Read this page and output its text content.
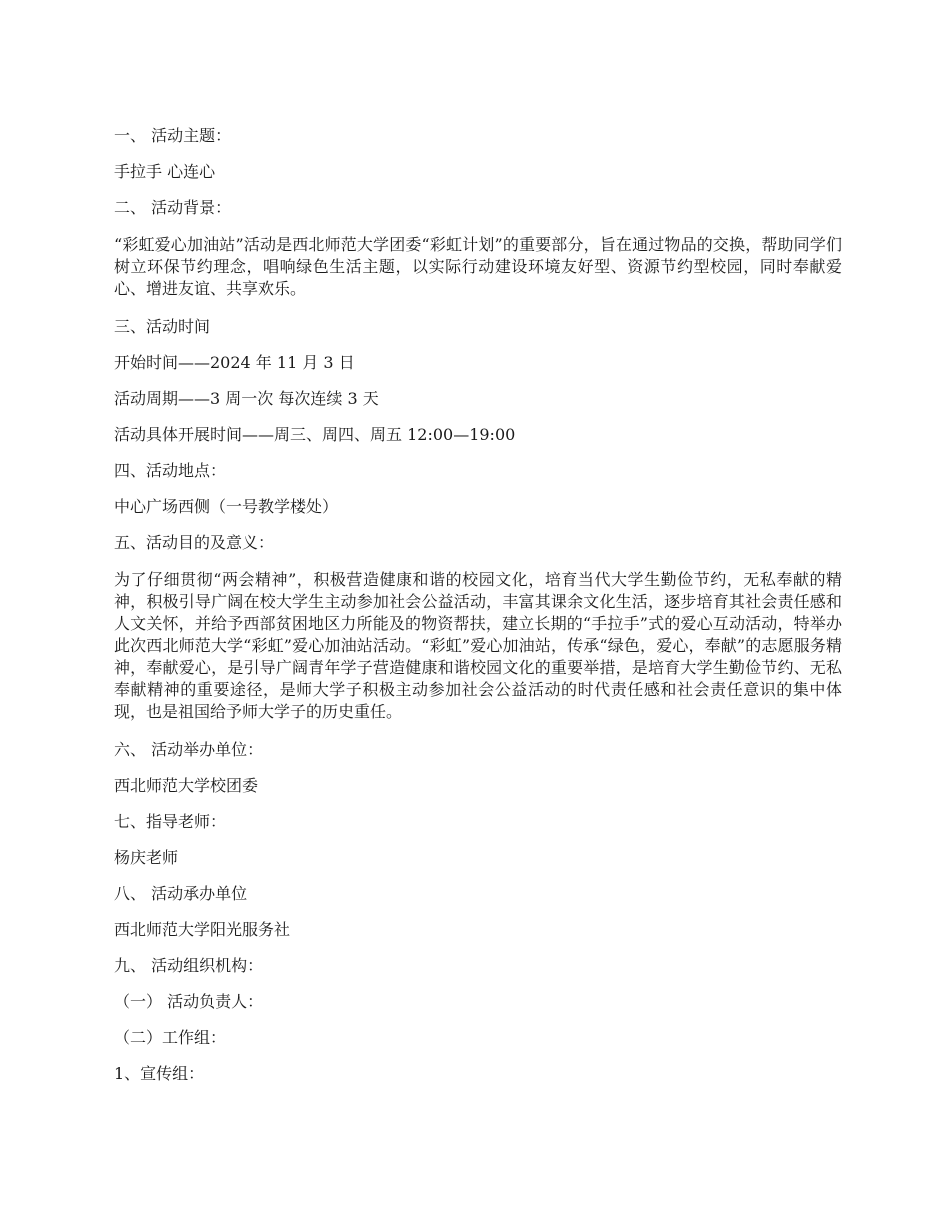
一、 活动主题：
手拉手 心连心
二、 活动背景：
“彩虹爱心加油站”活动是西北师范大学团委“彩虹计划”的重要部分，旨在通过物品的交换，帮助同学们树立环保节约理念，唱响绿色生活主题，以实际行动建设环境友好型、资源节约型校园，同时奉献爱心、增进友谊、共享欢乐。
三、活动时间
开始时间——2024 年 11 月 3 日
活动周期——3 周一次 每次连续 3 天
活动具体开展时间——周三、周四、周五 12:00—19:00
四、活动地点：
中心广场西侧（一号教学楼处）
五、活动目的及意义：
为了仔细贯彻“两会精神”，积极营造健康和谐的校园文化，培育当代大学生勤俭节约，无私奉献的精神，积极引导广阔在校大学生主动参加社会公益活动，丰富其课余文化生活，逐步培育其社会责任感和人文关怀，并给予西部贫困地区力所能及的物资帮扶，建立长期的“手拉手”式的爱心互动活动，特举办此次西北师范大学“彩虹”爱心加油站活动。“彩虹”爱心加油站，传承“绿色，爱心，奉献”的志愿服务精神，奉献爱心，是引导广阔青年学子营造健康和谐校园文化的重要举措，是培育大学生勤俭节约、无私奉献精神的重要途径，是师大学子积极主动参加社会公益活动的时代责任感和社会责任意识的集中体现，也是祖国给予师大学子的历史重任。
六、 活动举办单位：
西北师范大学校团委
七、指导老师：
杨庆老师
八、 活动承办单位
西北师范大学阳光服务社
九、 活动组织机构：
（一） 活动负责人：
（二）工作组：
1、宣传组：
